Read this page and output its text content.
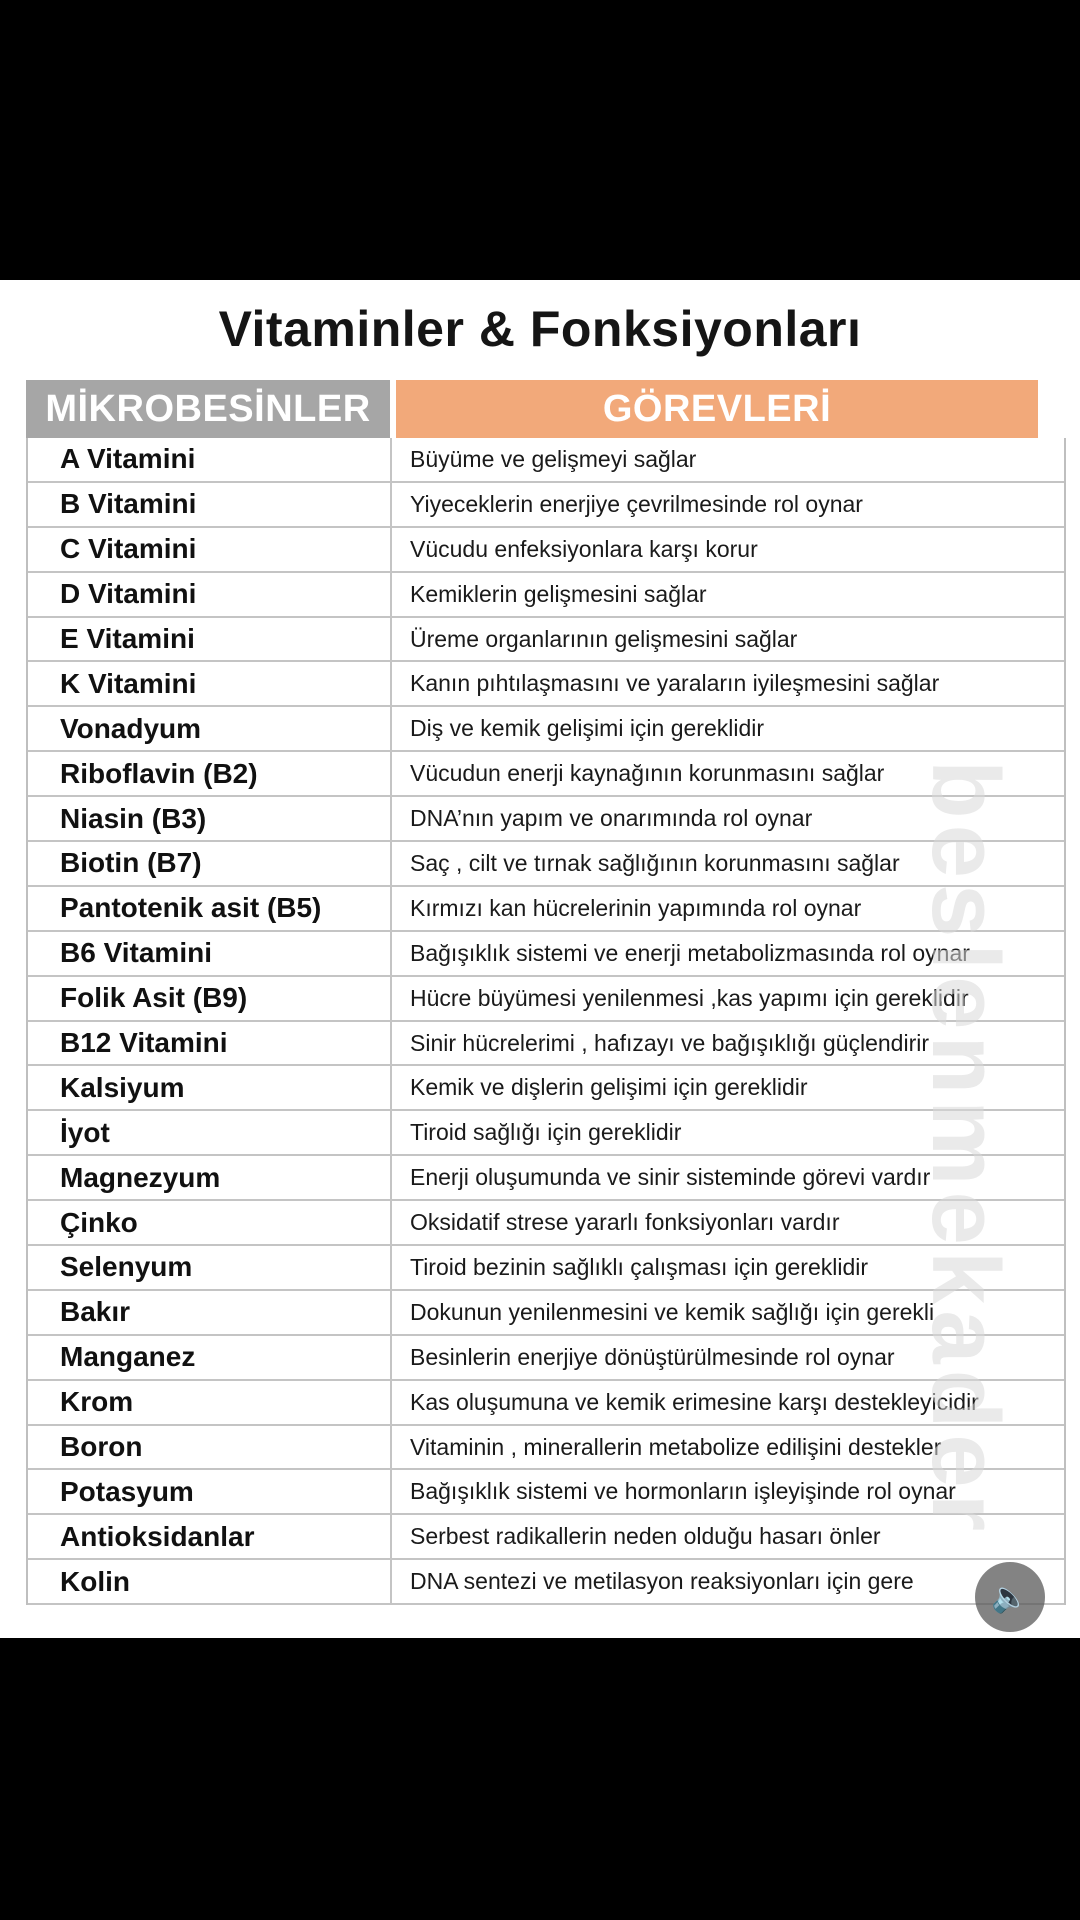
Vitaminler & Fonksiyonları
MİKROBESİNLER	GÖREVLERİ
A Vitamini	Büyüme ve gelişmeyi sağlar
B Vitamini	Yiyeceklerin enerjiye çevrilmesinde rol oynar
C Vitamini	Vücudu enfeksiyonlara karşı korur
D Vitamini	Kemiklerin gelişmesini sağlar
E Vitamini	Üreme organlarının gelişmesini sağlar
K Vitamini	Kanın pıhtılaşmasını ve yaraların iyileşmesini sağlar
Vonadyum	Diş ve kemik gelişimi için gereklidir
Riboflavin (B2)	Vücudun enerji kaynağının korunmasını sağlar
Niasin (B3)	DNA’nın yapım ve onarımında rol oynar
Biotin (B7)	Saç , cilt ve tırnak sağlığının korunmasını sağlar
Pantotenik asit (B5)	Kırmızı kan hücrelerinin yapımında rol oynar
B6 Vitamini	Bağışıklık sistemi ve enerji metabolizmasında rol oynar
Folik Asit (B9)	Hücre büyümesi yenilenmesi ,kas yapımı için gereklidir
B12 Vitamini	Sinir hücrelerimi , hafızayı ve bağışıklığı güçlendirir
Kalsiyum	Kemik ve dişlerin gelişimi için gereklidir
İyot	Tiroid sağlığı için gereklidir
Magnezyum	Enerji oluşumunda ve sinir sisteminde görevi vardır
Çinko	Oksidatif strese yararlı fonksiyonları vardır
Selenyum	Tiroid bezinin sağlıklı çalışması için gereklidir
Bakır	Dokunun yenilenmesini ve kemik sağlığı için gerekli
Manganez	Besinlerin enerjiye dönüştürülmesinde rol oynar
Krom	Kas oluşumuna ve kemik erimesine karşı destekleyicidir
Boron	Vitaminin , minerallerin metabolize edilişini destekler
Potasyum	Bağışıklık sistemi ve hormonların işleyişinde rol oynar
Antioksidanlar	Serbest radikallerin neden olduğu hasarı önler
Kolin	DNA sentezi ve metilasyon reaksiyonları için gere
beslenmekader
🔈
